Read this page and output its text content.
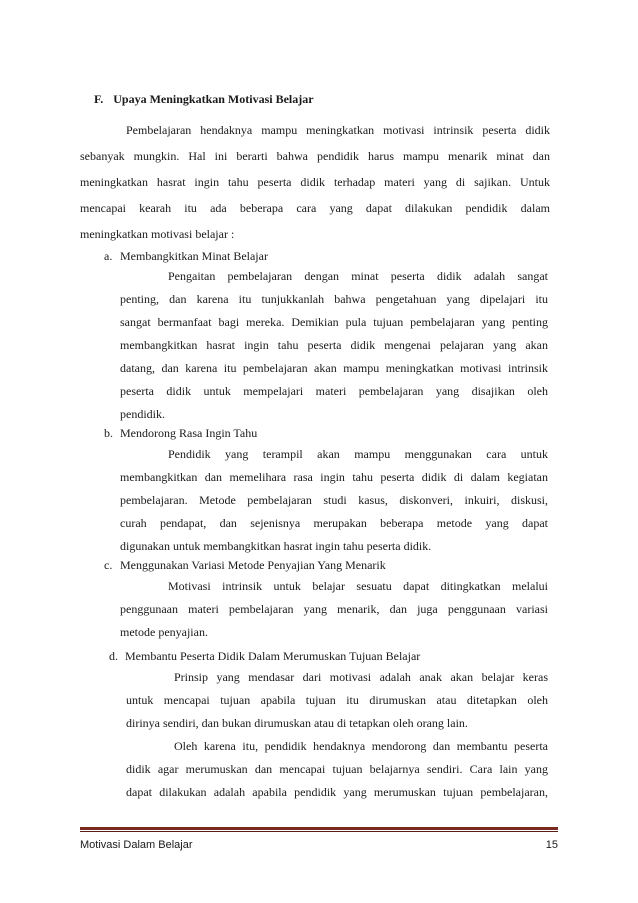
F. Upaya Meningkatkan Motivasi Belajar
Pembelajaran hendaknya mampu meningkatkan motivasi intrinsik peserta didik
sebanyak mungkin. Hal ini berarti bahwa pendidik harus mampu menarik minat dan
meningkatkan hasrat ingin tahu peserta didik terhadap materi yang di sajikan. Untuk
mencapai kearah itu ada beberapa cara yang dapat dilakukan pendidik dalam
meningkatkan motivasi belajar :
a. Membangkitkan Minat Belajar
Pengaitan pembelajaran dengan minat peserta didik adalah sangat
penting, dan karena itu tunjukkanlah bahwa pengetahuan yang dipelajari itu
sangat bermanfaat bagi mereka. Demikian pula tujuan pembelajaran yang penting
membangkitkan hasrat ingin tahu peserta didik mengenai pelajaran yang akan
datang, dan karena itu pembelajaran akan mampu meningkatkan motivasi intrinsik
peserta didik untuk mempelajari materi pembelajaran yang disajikan oleh
pendidik.
b. Mendorong Rasa Ingin Tahu
Pendidik yang terampil akan mampu menggunakan cara untuk
membangkitkan dan memelihara rasa ingin tahu peserta didik di dalam kegiatan
pembelajaran. Metode pembelajaran studi kasus, diskonveri, inkuiri, diskusi,
curah pendapat, dan sejenisnya merupakan beberapa metode yang dapat
digunakan untuk membangkitkan hasrat ingin tahu peserta didik.
c. Menggunakan Variasi Metode Penyajian Yang Menarik
Motivasi intrinsik untuk belajar sesuatu dapat ditingkatkan melalui
penggunaan materi pembelajaran yang menarik, dan juga penggunaan variasi
metode penyajian.
d. Membantu Peserta Didik Dalam Merumuskan Tujuan Belajar
Prinsip yang mendasar dari motivasi adalah anak akan belajar keras
untuk mencapai tujuan apabila tujuan itu dirumuskan atau ditetapkan oleh
dirinya sendiri, dan bukan dirumuskan atau di tetapkan oleh orang lain.
Oleh karena itu, pendidik hendaknya mendorong dan membantu peserta
didik agar merumuskan dan mencapai tujuan belajarnya sendiri. Cara lain yang
dapat dilakukan adalah apabila pendidik yang merumuskan tujuan pembelajaran,
Motivasi Dalam Belajar	15
